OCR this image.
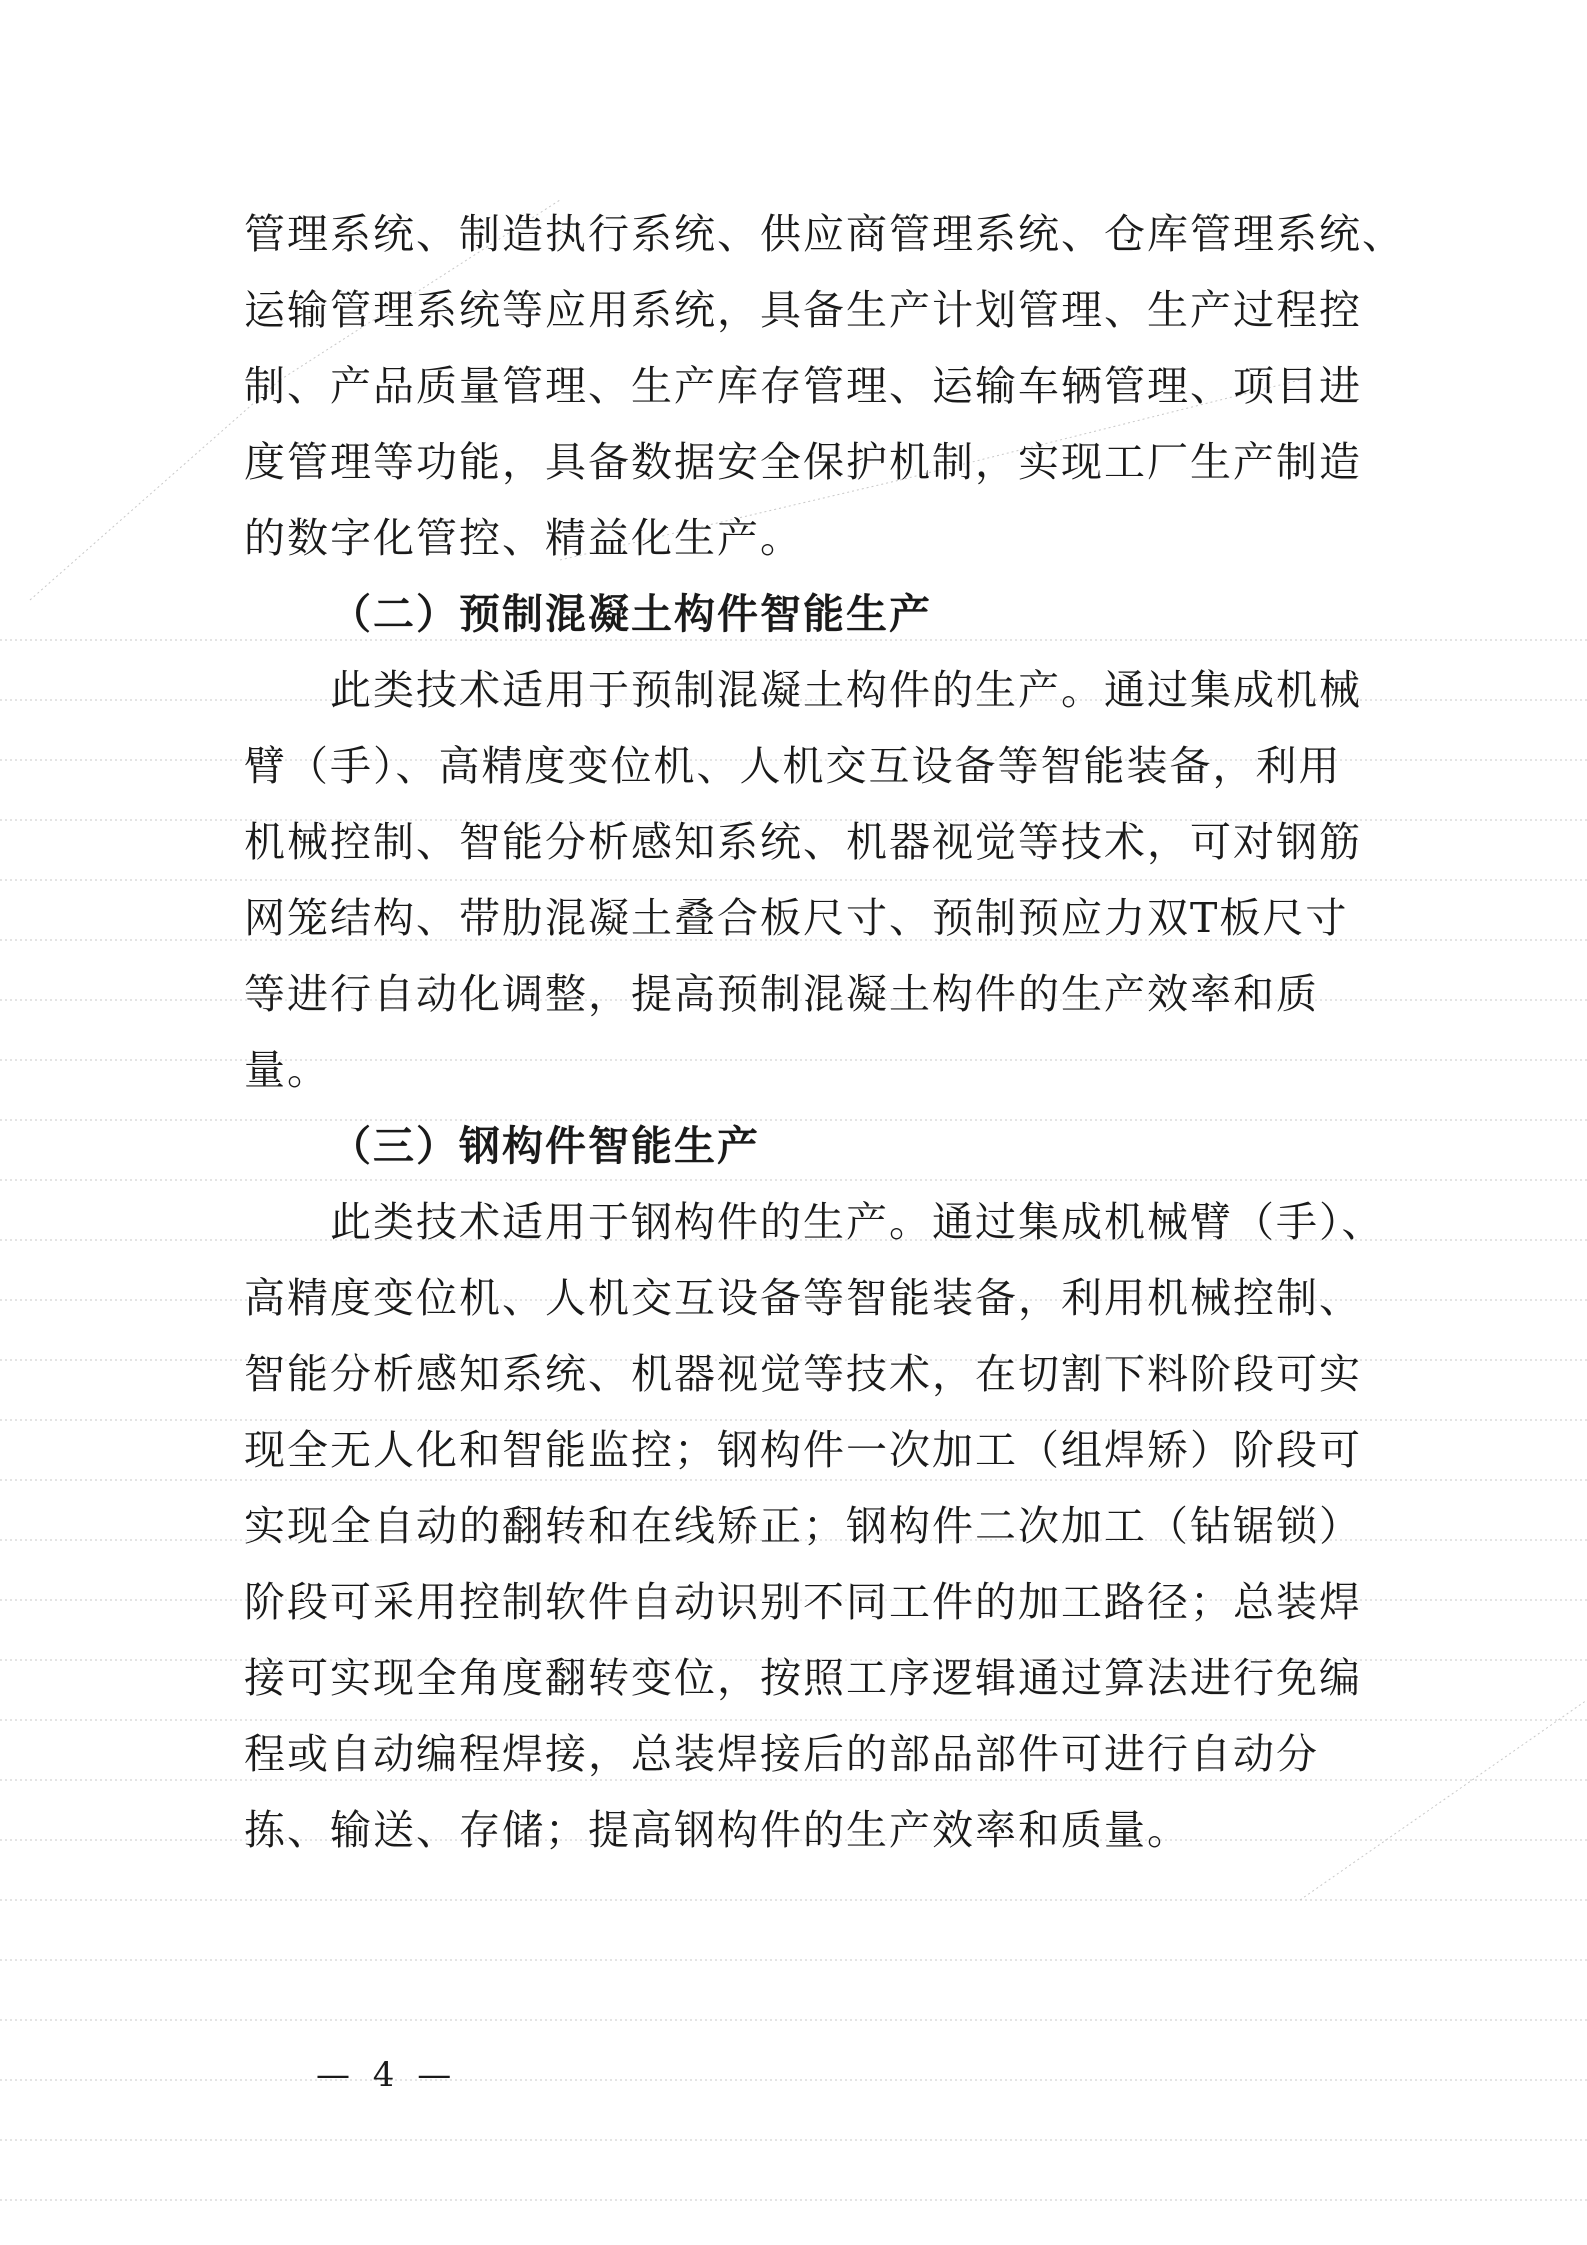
管理系统、制造执行系统、供应商管理系统、仓库管理系统、
运输管理系统等应用系统，具备生产计划管理、生产过程控
制、产品质量管理、生产库存管理、运输车辆管理、项目进
度管理等功能，具备数据安全保护机制，实现工厂生产制造
的数字化管控、精益化生产。
（二）预制混凝土构件智能生产
此类技术适用于预制混凝土构件的生产。通过集成机械
臂（手）、高精度变位机、人机交互设备等智能装备，利用
机械控制、智能分析感知系统、机器视觉等技术，可对钢筋
网笼结构、带肋混凝土叠合板尺寸、预制预应力双T板尺寸
等进行自动化调整，提高预制混凝土构件的生产效率和质
量。
（三）钢构件智能生产
此类技术适用于钢构件的生产。通过集成机械臂（手）、
高精度变位机、人机交互设备等智能装备，利用机械控制、
智能分析感知系统、机器视觉等技术，在切割下料阶段可实
现全无人化和智能监控；钢构件一次加工（组焊矫）阶段可
实现全自动的翻转和在线矫正；钢构件二次加工（钻锯锁）
阶段可采用控制软件自动识别不同工件的加工路径；总装焊
接可实现全角度翻转变位，按照工序逻辑通过算法进行免编
程或自动编程焊接，总装焊接后的部品部件可进行自动分
拣、输送、存储；提高钢构件的生产效率和质量。
— 4 —
